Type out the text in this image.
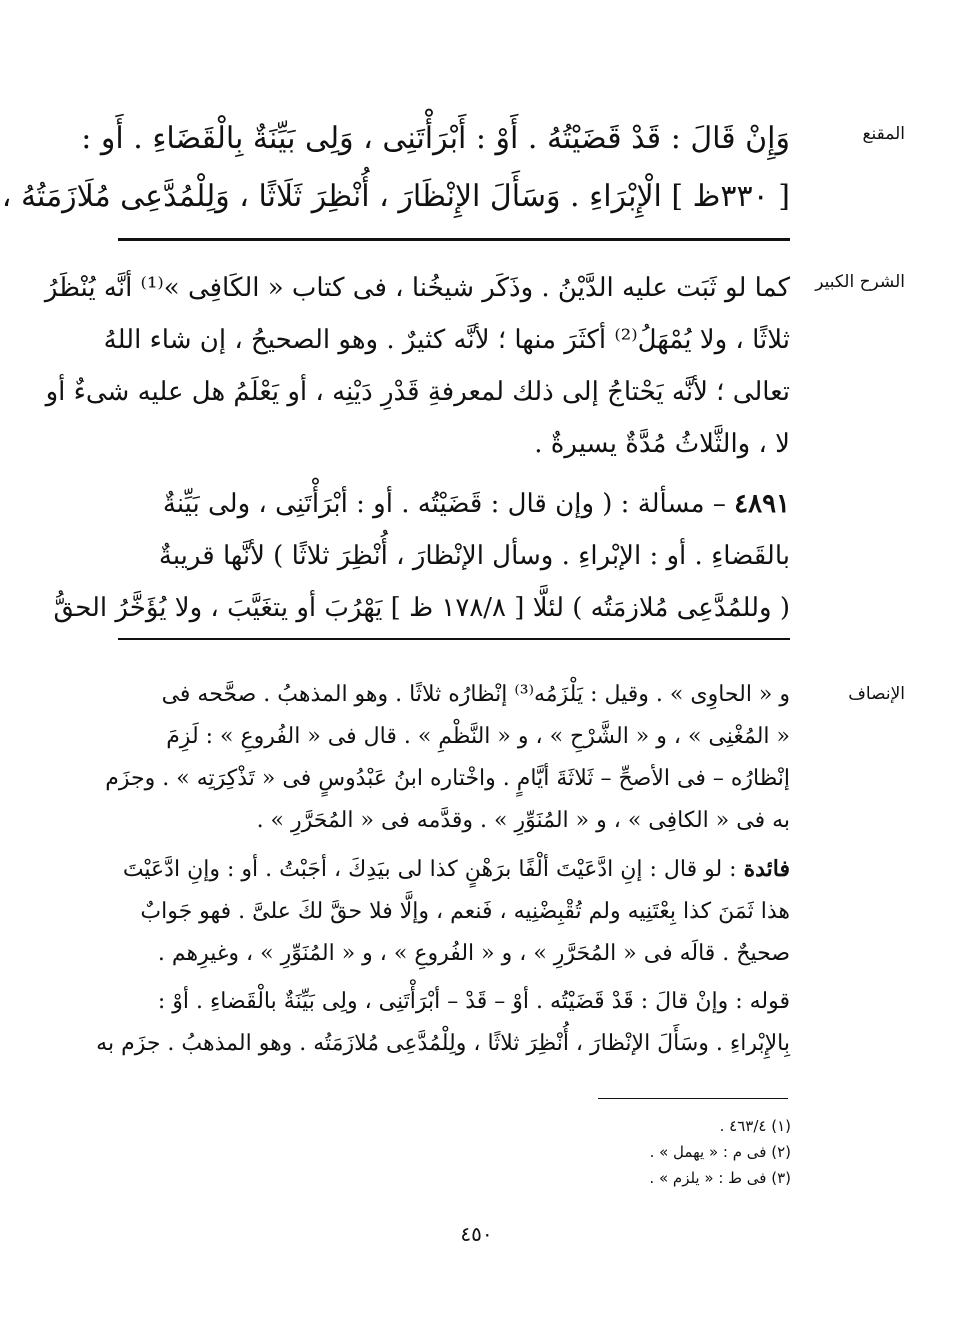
المقنع
وَإِنْ قَالَ : قَدْ قَضَيْتُهُ . أَوْ : أَبْرَأْتَنِى ، وَلِى بَيِّنَةٌ بِالْقَضَاءِ . أَو :
[ ٣٣٠ظ ] الْإِبْرَاءِ . وَسَأَلَ الإِنْظَارَ ، أُنْظِرَ ثَلَاثًا ، وَلِلْمُدَّعِى مُلَازَمَتُهُ ،
الشرح الكبير
كما لو ثَبَت عليه الدَّيْنُ . وذَكَر شيخُنا ، فى كتاب « الكَافِى »⁽¹⁾ أنَّه يُنْظَرُ
ثلاثًا ، ولا يُمْهَلُ⁽²⁾ أكثَرَ منها ؛ لأنَّه كثيرٌ . وهو الصحيحُ ، إن شاء اللهُ
تعالى ؛ لأنَّه يَحْتاجُ إلى ذلك لمعرفةِ قَدْرِ دَيْنِه ، أو يَعْلَمُ هل عليه شىءٌ أو
لا ، والثَّلاثُ مُدَّةٌ يسيرةٌ .
٤٨٩١ – مسألة : ( وإن قال : قَضَيْتُه . أو : أبْرَأْتَنِى ، ولى بَيِّنةٌ
بالقَضاءِ . أو : الإبْراءِ . وسأل الإنْظارَ ، أُنْظِرَ ثلاثًا ) لأنَّها قريبةٌ
( وللمُدَّعِى مُلازمَتُه ) لئلَّا [ ١٧٨/٨ ظ ] يَهْرُبَ أو يتغَيَّبَ ، ولا يُؤَخَّرُ الحقُّ
الإنصاف
و « الحاوِى » . وقيل : يَلْزَمُه⁽³⁾ إنْظارُه ثلاثًا . وهو المذهبُ . صحَّحه فى
« المُغْنِى » ، و « الشَّرْحِ » ، و « النَّظْمِ » . قال فى « الفُروعِ » : لَزِمَ
إنْظارُه – فى الأصحِّ – ثَلاثَةَ أيَّامٍ . واخْتاره ابنُ عَبْدُوسٍ فى « تَذْكِرَتِه » . وجزَم
به فى « الكافِى » ، و « المُنَوِّرِ » . وقدَّمه فى « المُحَرَّرِ » .
فائدة : لو قال : إنِ ادَّعَيْتَ ألْفًا برَهْنٍ كذا لى بيَدِكَ ، أجَبْتُ . أو : وإنِ ادَّعَيْتَ
هذا ثَمَنَ كذا بِعْتَنِيه ولم تُقْبِضْنِيه ، فَنعم ، وإلَّا فلا حقَّ لكَ علىَّ . فهو جَوابٌ
صحيحٌ . قالَه فى « المُحَرَّرِ » ، و « الفُروعِ » ، و « المُنَوِّرِ » ، وغيرِهم .
قوله : وإنْ قالَ : قَدْ قَضَيْتُه . أوْ – قَدْ – أبْرَأْتَنِى ، ولِى بَيِّنَةٌ بالْقَضاءِ . أوْ :
بِالإِبْراءِ . وسَأَلَ الإنْظارَ ، أُنْظِرَ ثلاثًا ، ولِلْمُدَّعِى مُلازَمَتُه . وهو المذهبُ . جزَم به
(١) ٤٦٣/٤ .
(٢) فى م : « يهمل » .
(٣) فى ط : « يلزم » .
٤٥٠
